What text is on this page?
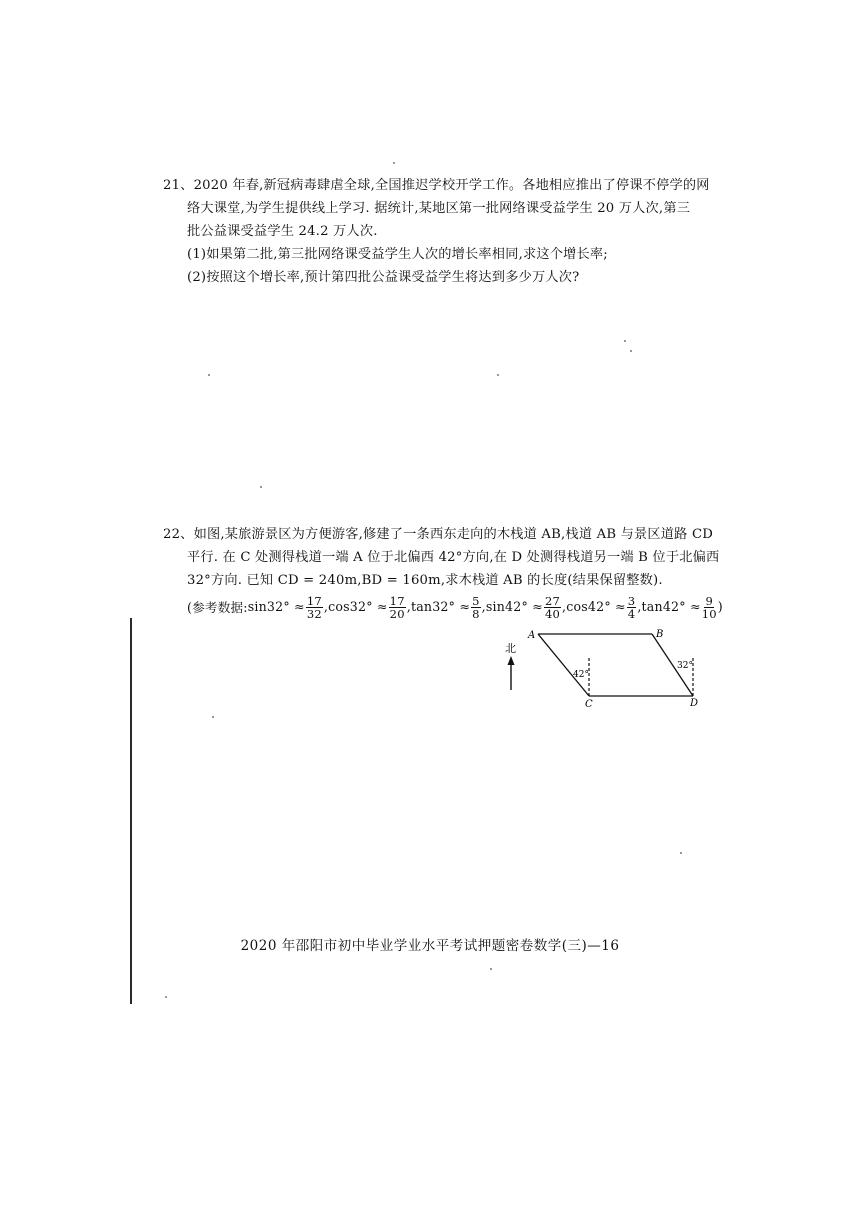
21、2020 年春,新冠病毒肆虐全球,全国推迟学校开学工作。各地相应推出了停课不停学的网
络大课堂,为学生提供线上学习. 据统计,某地区第一批网络课受益学生 20 万人次,第三
批公益课受益学生 24.2 万人次.
(1)如果第二批,第三批网络课受益学生人次的增长率相同,求这个增长率;
(2)按照这个增长率,预计第四批公益课受益学生将达到多少万人次?
22、如图,某旅游景区为方便游客,修建了一条西东走向的木栈道 AB,栈道 AB 与景区道路 CD
平行. 在 C 处测得栈道一端 A 位于北偏西 42°方向,在 D 处测得栈道另一端 B 位于北偏西
32°方向. 已知 CD = 240m,BD = 160m,求木栈道 AB 的长度(结果保留整数).
(参考数据: $\sin 32^\circ \approx \frac{17}{32}$ , $\cos 32^\circ \approx \frac{17}{20}$ , $\tan 32^\circ \approx \frac{5}{8}$ , $\sin 42^\circ \approx \frac{27}{40}$ , $\cos 42^\circ \approx \frac{3}{4}$ , $\tan 42^\circ \approx \frac{9}{10}$ )
北
42°
32°
A	B
C	D
2020 年邵阳市初中毕业学业水平考试押题密卷数学(三)—16
